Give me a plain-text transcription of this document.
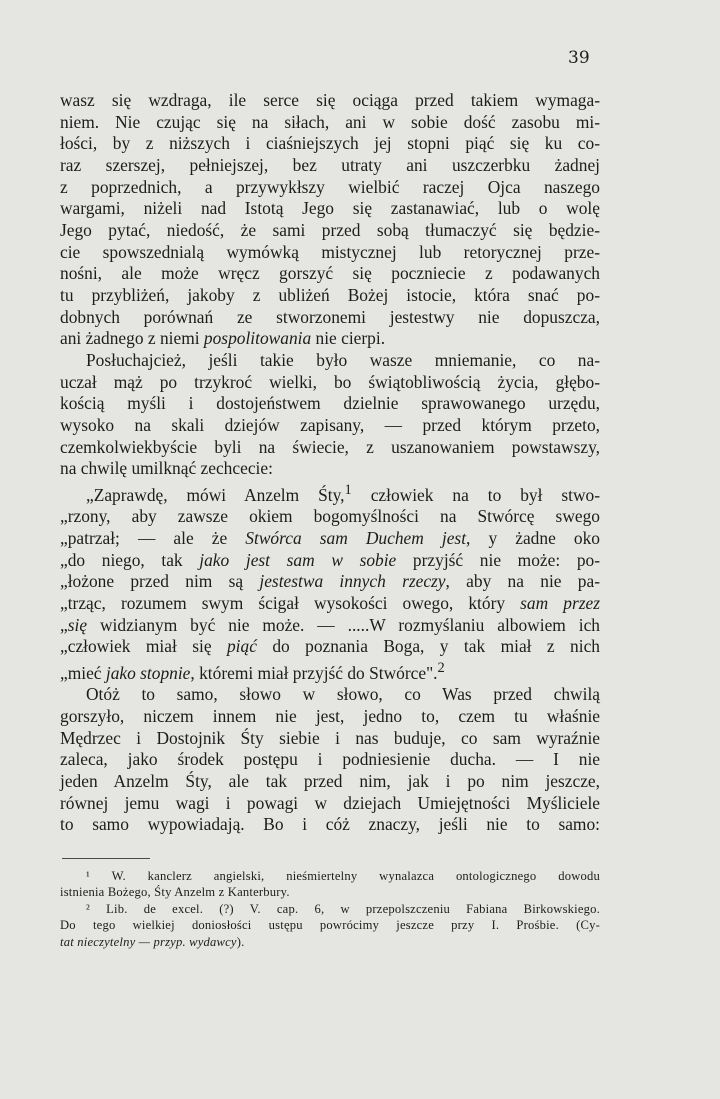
39
wasz się wzdraga, ile serce się ociąga przed takiem wymaga-
niem. Nie czując się na siłach, ani w sobie dość zasobu mi-
łości, by z niższych i ciaśniejszych jej stopni piąć się ku co-
raz szerszej, pełniejszej, bez utraty ani uszczerbku żadnej
z poprzednich, a przywykłszy wielbić raczej Ojca naszego
wargami, niżeli nad Istotą Jego się zastanawiać, lub o wolę
Jego pytać, niedość, że sami przed sobą tłumaczyć się będzie-
cie spowszednialą wymówką mistycznej lub retorycznej prze-
nośni, ale może wręcz gorszyć się poczniecie z podawanych
tu przybliżeń, jakoby z ubliżeń Bożej istocie, która snać po-
dobnych porównań ze stworzonemi jestestwy nie dopuszcza,
ani żadnego z niemi pospolitowania nie cierpi.
Posłuchajcież, jeśli takie było wasze mniemanie, co na-
uczał mąż po trzykroć wielki, bo świątobliwością życia, głębo-
kością myśli i dostojeństwem dzielnie sprawowanego urzędu,
wysoko na skali dziejów zapisany, — przed którym przeto,
czemkolwiekbyście byli na świecie, z uszanowaniem powstawszy,
na chwilę umilknąć zechcecie:
„Zaprawdę, mówi Anzelm Śty,$^1$ człowiek na to był stwo-
„rzony, aby zawsze okiem bogomyślności na Stwórcę swego
„patrzał; — ale że Stwórca sam Duchem jest, y żadne oko
„do niego, tak jako jest sam w sobie przyjść nie może: po-
„łożone przed nim są jestestwa innych rzeczy, aby na nie pa-
„trząc, rozumem swym ścigał wysokości owego, który sam przez
„się widzianym być nie może. — .....W rozmyślaniu albowiem ich
„człowiek miał się piąć do poznania Boga, y tak miał z nich
„mieć jako stopnie, któremi miał przyjść do Stwórce".$^2$
Otóż to samo, słowo w słowo, co Was przed chwilą
gorszyło, niczem innem nie jest, jedno to, czem tu właśnie
Mędrzec i Dostojnik Śty siebie i nas buduje, co sam wyraźnie
zaleca, jako środek postępu i podniesienie ducha. — I nie
jeden Anzelm Śty, ale tak przed nim, jak i po nim jeszcze,
równej jemu wagi i powagi w dziejach Umiejętności Myśliciele
to samo wypowiadają. Bo i cóż znaczy, jeśli nie to samo:
¹ W. kanclerz angielski, nieśmiertelny wynalazca ontologicznego dowodu
istnienia Bożego, Śty Anzelm z Kanterbury.
² Lib. de excel. (?) V. cap. 6, w przepolszczeniu Fabiana Birkowskiego.
Do tego wielkiej doniosłości ustępu powrócimy jeszcze przy I. Prośbie. (Cy-
tat nieczytelny — przyp. wydawcy).
